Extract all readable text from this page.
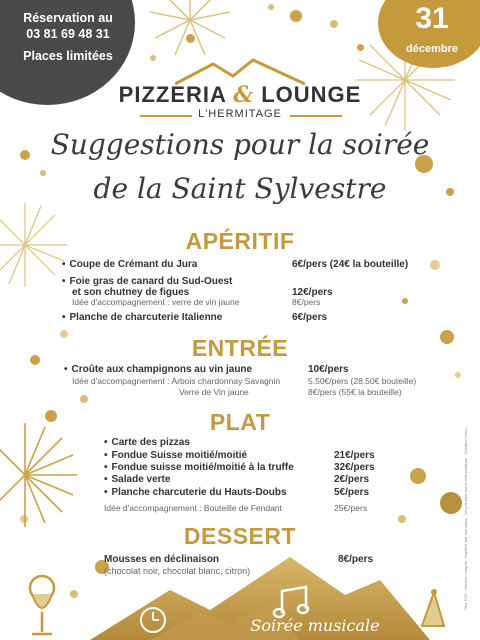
Réservation au
03 81 69 48 31
Places limitées
31
décembre
PIZZERIA & LOUNGE
L'HERMITAGE
Suggestions pour la soirée
de la Saint Sylvestre
APÉRITIF
• Coupe de Crémant du Jura	6€/pers (24€ la bouteille)
• Foie gras de canard du Sud-Ouest
et son chutney de figues	12€/pers
Idée d'accompagnement : verre de vin jaune	8€/pers
• Planche de charcuterie Italienne	6€/pers
ENTRÉE
• Croûte aux champignons au vin jaune	10€/pers
Idée d'accompagnement : Arbois chardonnay Savagnin	5.50€/pers (28.50€ bouteille)
Verre de Vin jaune	8€/pers (55€ la bouteille)
PLAT
• Carte des pizzas
• Fondue Suisse moitié/moitié	21€/pers
• Fondue suisse moitié/moitié à la truffe	32€/pers
• Salade verte	2€/pers
• Planche charcuterie du Hauts-Doubs	5€/pers
Idée d'accompagnement : Bouteille de Fendant	25€/pers
DESSERT
Mousses en déclinaison	8€/pers
(chocolat noir, chocolat blanc, citron)
Soirée musicale
Pizz TVC - Service compris - Imprimé par nos soins - Ne pas jeter sur la voie publique - Création Crea...
